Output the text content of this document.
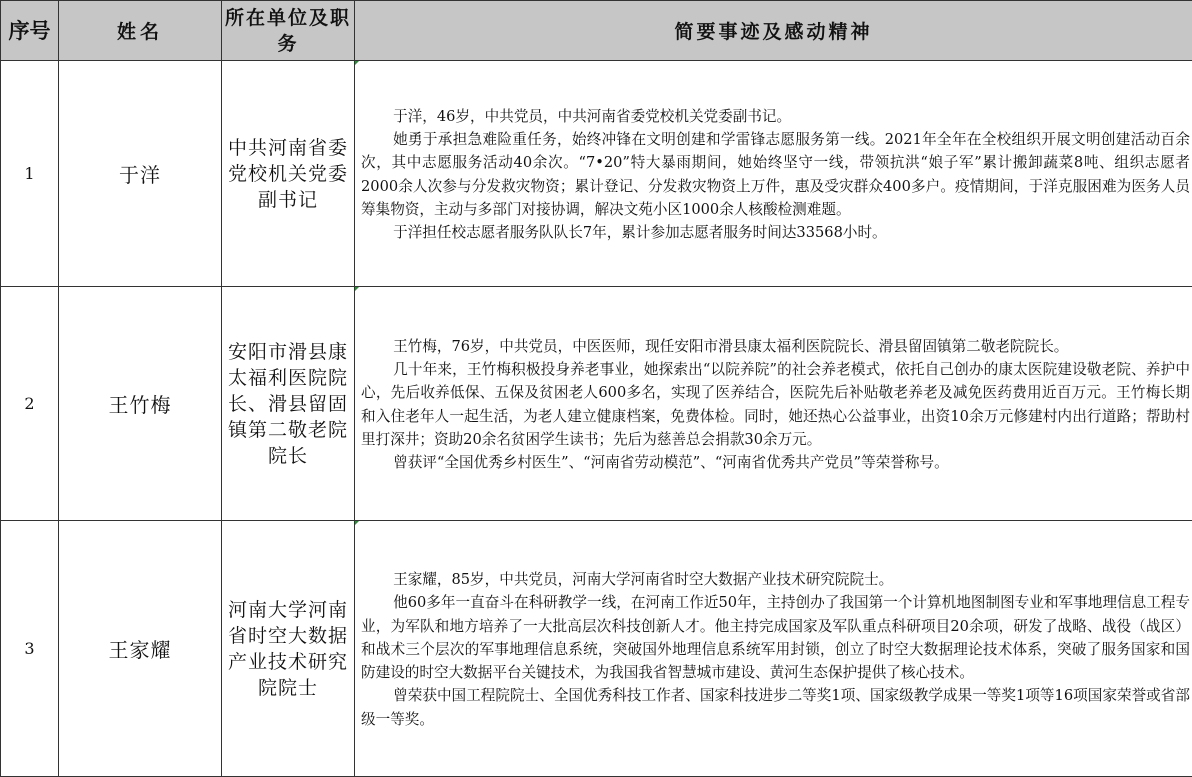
序号	姓名	所在单位及职务	简要事迹及感动精神
1	于洋	中共河南省委党校机关党委副书记	于洋，46岁，中共党员，中共河南省委党校机关党委副书记。

她勇于承担急难险重任务，始终冲锋在文明创建和学雷锋志愿服务第一线。2021年全年在全校组织开展文明创建活动百余次，其中志愿服务活动40余次。“7•20”特大暴雨期间，她始终坚守一线，带领抗洪“娘子军”累计搬卸蔬菜8吨、组织志愿者2000余人次参与分发救灾物资；累计登记、分发救灾物资上万件，惠及受灾群众400多户。疫情期间，于洋克服困难为医务人员筹集物资，主动与多部门对接协调，解决文苑小区1000余人核酸检测难题。

于洋担任校志愿者服务队队长7年，累计参加志愿者服务时间达33568小时。

2	王竹梅	安阳市滑县康太福利医院院长、滑县留固镇第二敬老院院长	王竹梅，76岁，中共党员，中医医师，现任安阳市滑县康太福利医院院长、滑县留固镇第二敬老院院长。

几十年来，王竹梅积极投身养老事业，她探索出“以院养院”的社会养老模式，依托自己创办的康太医院建设敬老院、养护中心，先后收养低保、五保及贫困老人600多名，实现了医养结合，医院先后补贴敬老养老及减免医药费用近百万元。王竹梅长期和入住老年人一起生活，为老人建立健康档案，免费体检。同时，她还热心公益事业，出资10余万元修建村内出行道路；帮助村里打深井；资助20余名贫困学生读书；先后为慈善总会捐款30余万元。

曾获评“全国优秀乡村医生”、“河南省劳动模范”、“河南省优秀共产党员”等荣誉称号。

3	王家耀	河南大学河南省时空大数据产业技术研究院院士	王家耀，85岁，中共党员，河南大学河南省时空大数据产业技术研究院院士。

他60多年一直奋斗在科研教学一线，在河南工作近50年，主持创办了我国第一个计算机地图制图专业和军事地理信息工程专业，为军队和地方培养了一大批高层次科技创新人才。他主持完成国家及军队重点科研项目20余项，研发了战略、战役（战区）和战术三个层次的军事地理信息系统，突破国外地理信息系统军用封锁，创立了时空大数据理论技术体系，突破了服务国家和国防建设的时空大数据平台关键技术，为我国我省智慧城市建设、黄河生态保护提供了核心技术。

曾荣获中国工程院院士、全国优秀科技工作者、国家科技进步二等奖1项、国家级教学成果一等奖1项等16项国家荣誉或省部级一等奖。
